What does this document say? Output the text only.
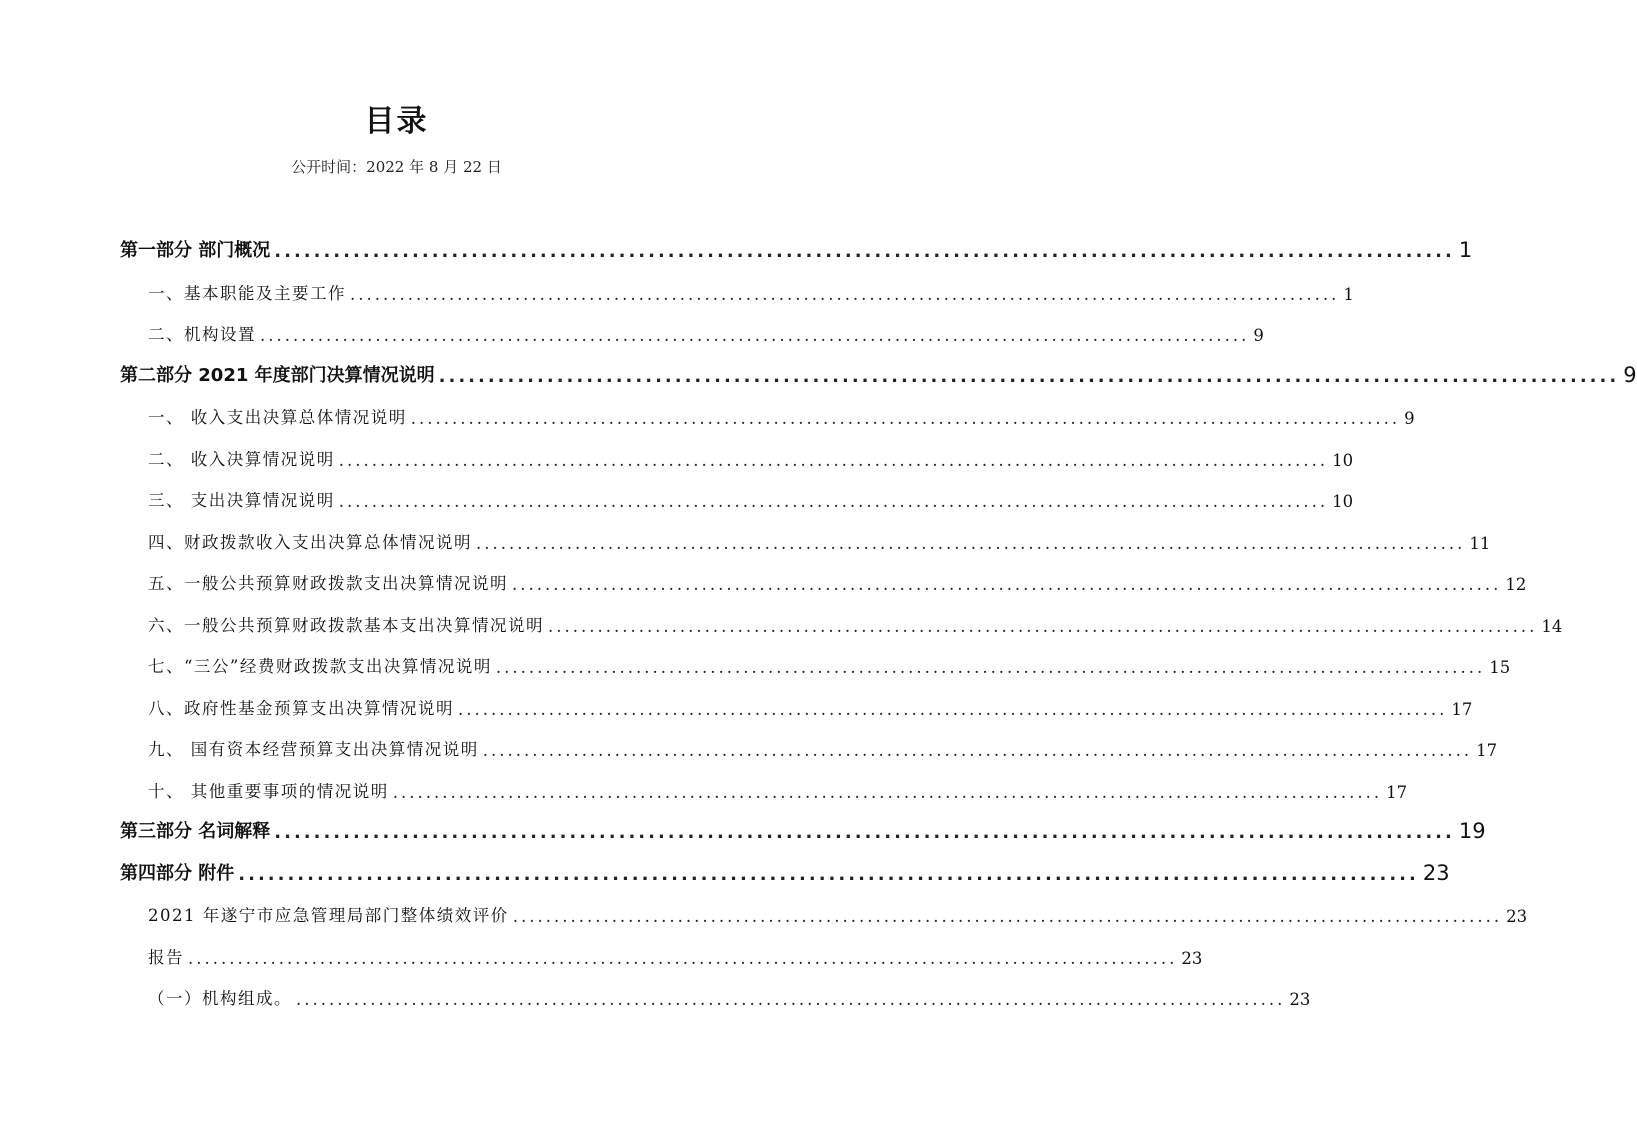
目录
公开时间：2022 年 8 月 22 日
第一部分 部门概况 ........................................................................................................................ 1
一、基本职能及主要工作 ........................................................................................................................ 1
二、机构设置 ........................................................................................................................ 9
第二部分 2021 年度部门决算情况说明 ........................................................................................................................ 9
一、 收入支出决算总体情况说明 ........................................................................................................................ 9
二、 收入决算情况说明 ........................................................................................................................ 10
三、 支出决算情况说明 ........................................................................................................................ 10
四、财政拨款收入支出决算总体情况说明 ........................................................................................................................ 11
五、一般公共预算财政拨款支出决算情况说明 ........................................................................................................................ 12
六、一般公共预算财政拨款基本支出决算情况说明 ........................................................................................................................ 14
七、“三公”经费财政拨款支出决算情况说明 ........................................................................................................................ 15
八、政府性基金预算支出决算情况说明 ........................................................................................................................ 17
九、 国有资本经营预算支出决算情况说明 ........................................................................................................................ 17
十、 其他重要事项的情况说明 ........................................................................................................................ 17
第三部分 名词解释 ........................................................................................................................ 19
第四部分 附件 ........................................................................................................................ 23
2021 年遂宁市应急管理局部门整体绩效评价 ........................................................................................................................ 23
报告 ........................................................................................................................ 23
（一）机构组成。 ........................................................................................................................ 23
